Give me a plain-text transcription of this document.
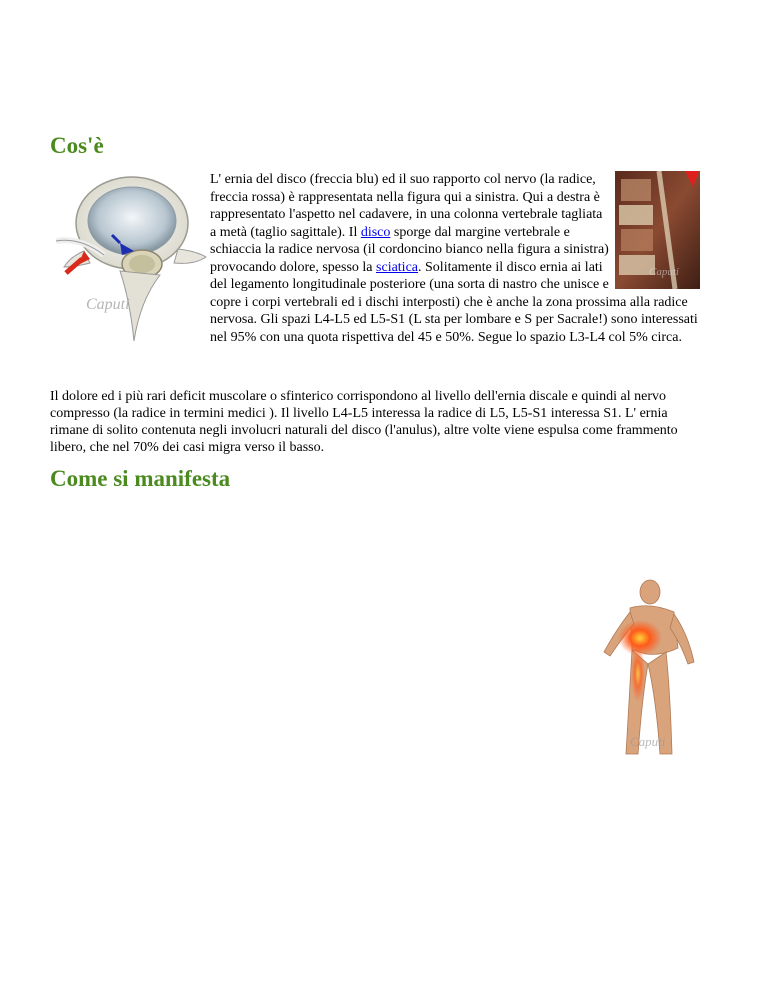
Cos'è
Caputi
Caputi
L' ernia del disco (freccia blu) ed il suo rapporto col nervo (la radice, freccia rossa) è rappresentata nella figura qui a sinistra. Qui a destra è rappresentato l'aspetto nel cadavere, in una colonna vertebrale tagliata a metà (taglio sagittale). Il disco sporge dal margine vertebrale e schiaccia la radice nervosa (il cordoncino bianco nella figura a sinistra) provocando dolore, spesso la sciatica. Solitamente il disco ernia ai lati del legamento longitudinale posteriore (una sorta di nastro che unisce e copre i corpi vertebrali ed i dischi interposti) che è anche la zona prossima alla radice nervosa. Gli spazi L4-L5 ed L5-S1 (L sta per lombare e S per Sacrale!) sono interessati nel 95% con una quota rispettiva del 45 e 50%. Segue lo spazio L3-L4 col 5% circa.

Il dolore ed i più rari deficit muscolare o sfinterico corrispondono al livello dell'ernia discale e quindi al nervo compresso (la radice in termini medici ). Il livello L4-L5 interessa la radice di L5, L5-S1 interessa S1. L' ernia rimane di solito contenuta negli involucri naturali del disco (l'anulus), altre volte viene espulsa come frammento libero, che nel 70% dei casi migra verso il basso.

Come si manifesta
Caputi
